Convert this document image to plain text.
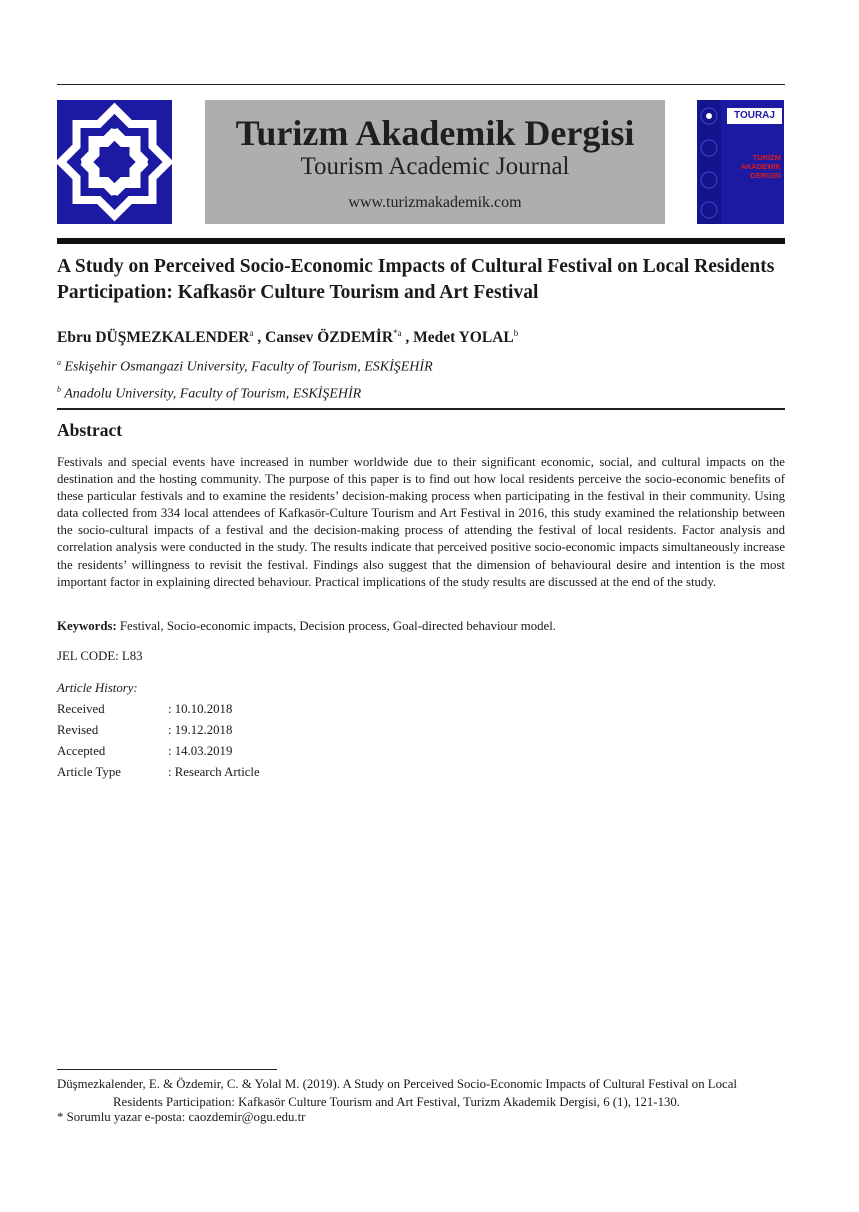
Turizm Akademik Dergisi
Tourism Academic Journal
www.turizmakademik.com
TOURAJ
TURİZM
AKADEMİK
DERGİSİ
A Study on Perceived Socio-Economic Impacts of Cultural Festival on Local Residents Participation: Kafkasör Culture Tourism and Art Festival
Ebru DÜŞMEZKALENDER$^a$ , Cansev ÖZDEMİR$^{*a}$ , Medet YOLAL$^b$
$^a$ Eskişehir Osmangazi University, Faculty of Tourism, ESKİŞEHİR
$^b$ Anadolu University, Faculty of Tourism, ESKİŞEHİR
Abstract
Festivals and special events have increased in number worldwide due to their significant economic, social, and cultural impacts on the destination and the hosting community. The purpose of this paper is to find out how local residents perceive the socio-economic benefits of these particular festivals and to examine the residents’ decision-making process when participating in the festival in their community. Using data collected from 334 local attendees of Kafkasör-Culture Tourism and Art Festival in 2016, this study examined the relationship between the socio-cultural impacts of a festival and the decision-making process of attending the festival of local residents. Factor analysis and correlation analysis were conducted in the study. The results indicate that perceived positive socio-economic impacts simultaneously increase the residents’ willingness to revisit the festival. Findings also suggest that the dimension of behavioural desire and intention is the most important factor in explaining directed behaviour. Practical implications of the study results are discussed at the end of the study.
Keywords: Festival, Socio-economic impacts, Decision process, Goal-directed behaviour model.
JEL CODE: L83
Article History:
Received	: 10.10.2018
Revised	: 19.12.2018
Accepted	: 14.03.2019
Article Type	: Research Article
Düşmezkalender, E. & Özdemir, C. & Yolal M. (2019). A Study on Perceived Socio-Economic Impacts of Cultural Festival on Local
Residents Participation: Kafkasör Culture Tourism and Art Festival, Turizm Akademik Dergisi, 6 (1), 121-130.
* Sorumlu yazar e-posta: caozdemir@ogu.edu.tr
